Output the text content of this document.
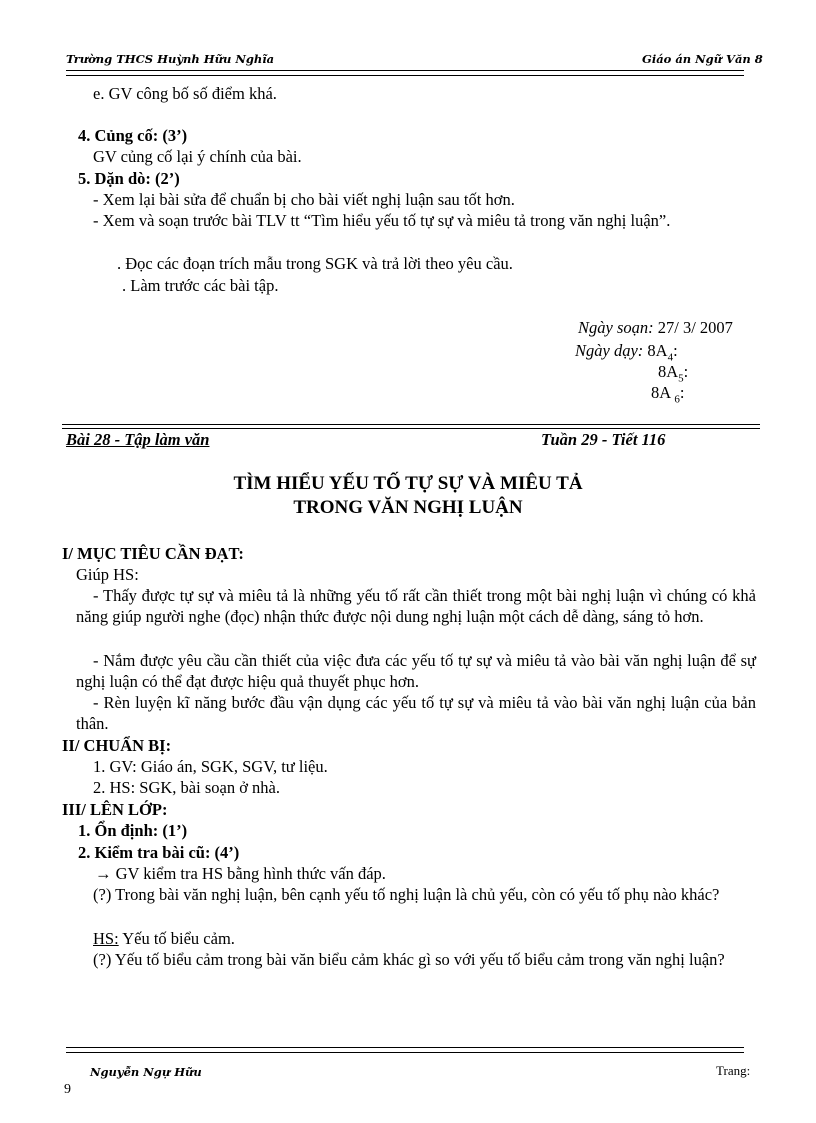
Trường THCS Huỳnh Hữu Nghĩa	Giáo án Ngữ Văn 8
e. GV công bố số điểm khá.
4. Củng cố: (3’)
GV củng cố lại ý chính của bài.
5. Dặn dò: (2’)
- Xem lại bài sửa để chuẩn bị cho bài viết nghị luận sau tốt hơn.
- Xem và soạn trước bài TLV tt “Tìm hiểu yếu tố tự sự và miêu tả trong văn nghị luận”.
. Đọc các đoạn trích mẫu trong SGK và trả lời theo yêu cầu.
. Làm trước các bài tập.
Ngày soạn: 27/ 3/ 2007
Ngày dạy: $8A_4$:
$8A_5$:
8A $_6$:
Bài 28 - Tập làm văn	Tuần 29 - Tiết 116
TÌM HIỂU YẾU TỐ TỰ SỰ VÀ MIÊU TẢ
TRONG VĂN NGHỊ LUẬN
I/ MỤC TIÊU CẦN ĐẠT:
Giúp HS:
- Thấy được tự sự và miêu tả là những yếu tố rất cần thiết trong một bài nghị luận vì chúng có khả năng giúp người nghe (đọc) nhận thức được nội dung nghị luận một cách dễ dàng, sáng tỏ hơn.
- Nắm được yêu cầu cần thiết của việc đưa các yếu tố tự sự và miêu tả vào bài văn nghị luận để sự nghị luận có thể đạt được hiệu quả thuyết phục hơn.
- Rèn luyện kĩ năng bước đầu vận dụng các yếu tố tự sự và miêu tả vào bài văn nghị luận của bản thân.
II/ CHUẨN BỊ:
1. GV: Giáo án, SGK, SGV, tư liệu.
2. HS: SGK, bài soạn ở nhà.
III/ LÊN LỚP:
1. Ổn định: (1’)
2. Kiểm tra bài cũ: (4’)
→ GV kiểm tra HS bằng hình thức vấn đáp.
(?) Trong bài văn nghị luận, bên cạnh yếu tố nghị luận là chủ yếu, còn có yếu tố phụ nào khác?
HS: Yếu tố biểu cảm.
(?) Yếu tố biểu cảm trong bài văn biểu cảm khác gì so với yếu tố biểu cảm trong văn nghị luận?
Nguyễn Ngự Hữu	Trang:
9
